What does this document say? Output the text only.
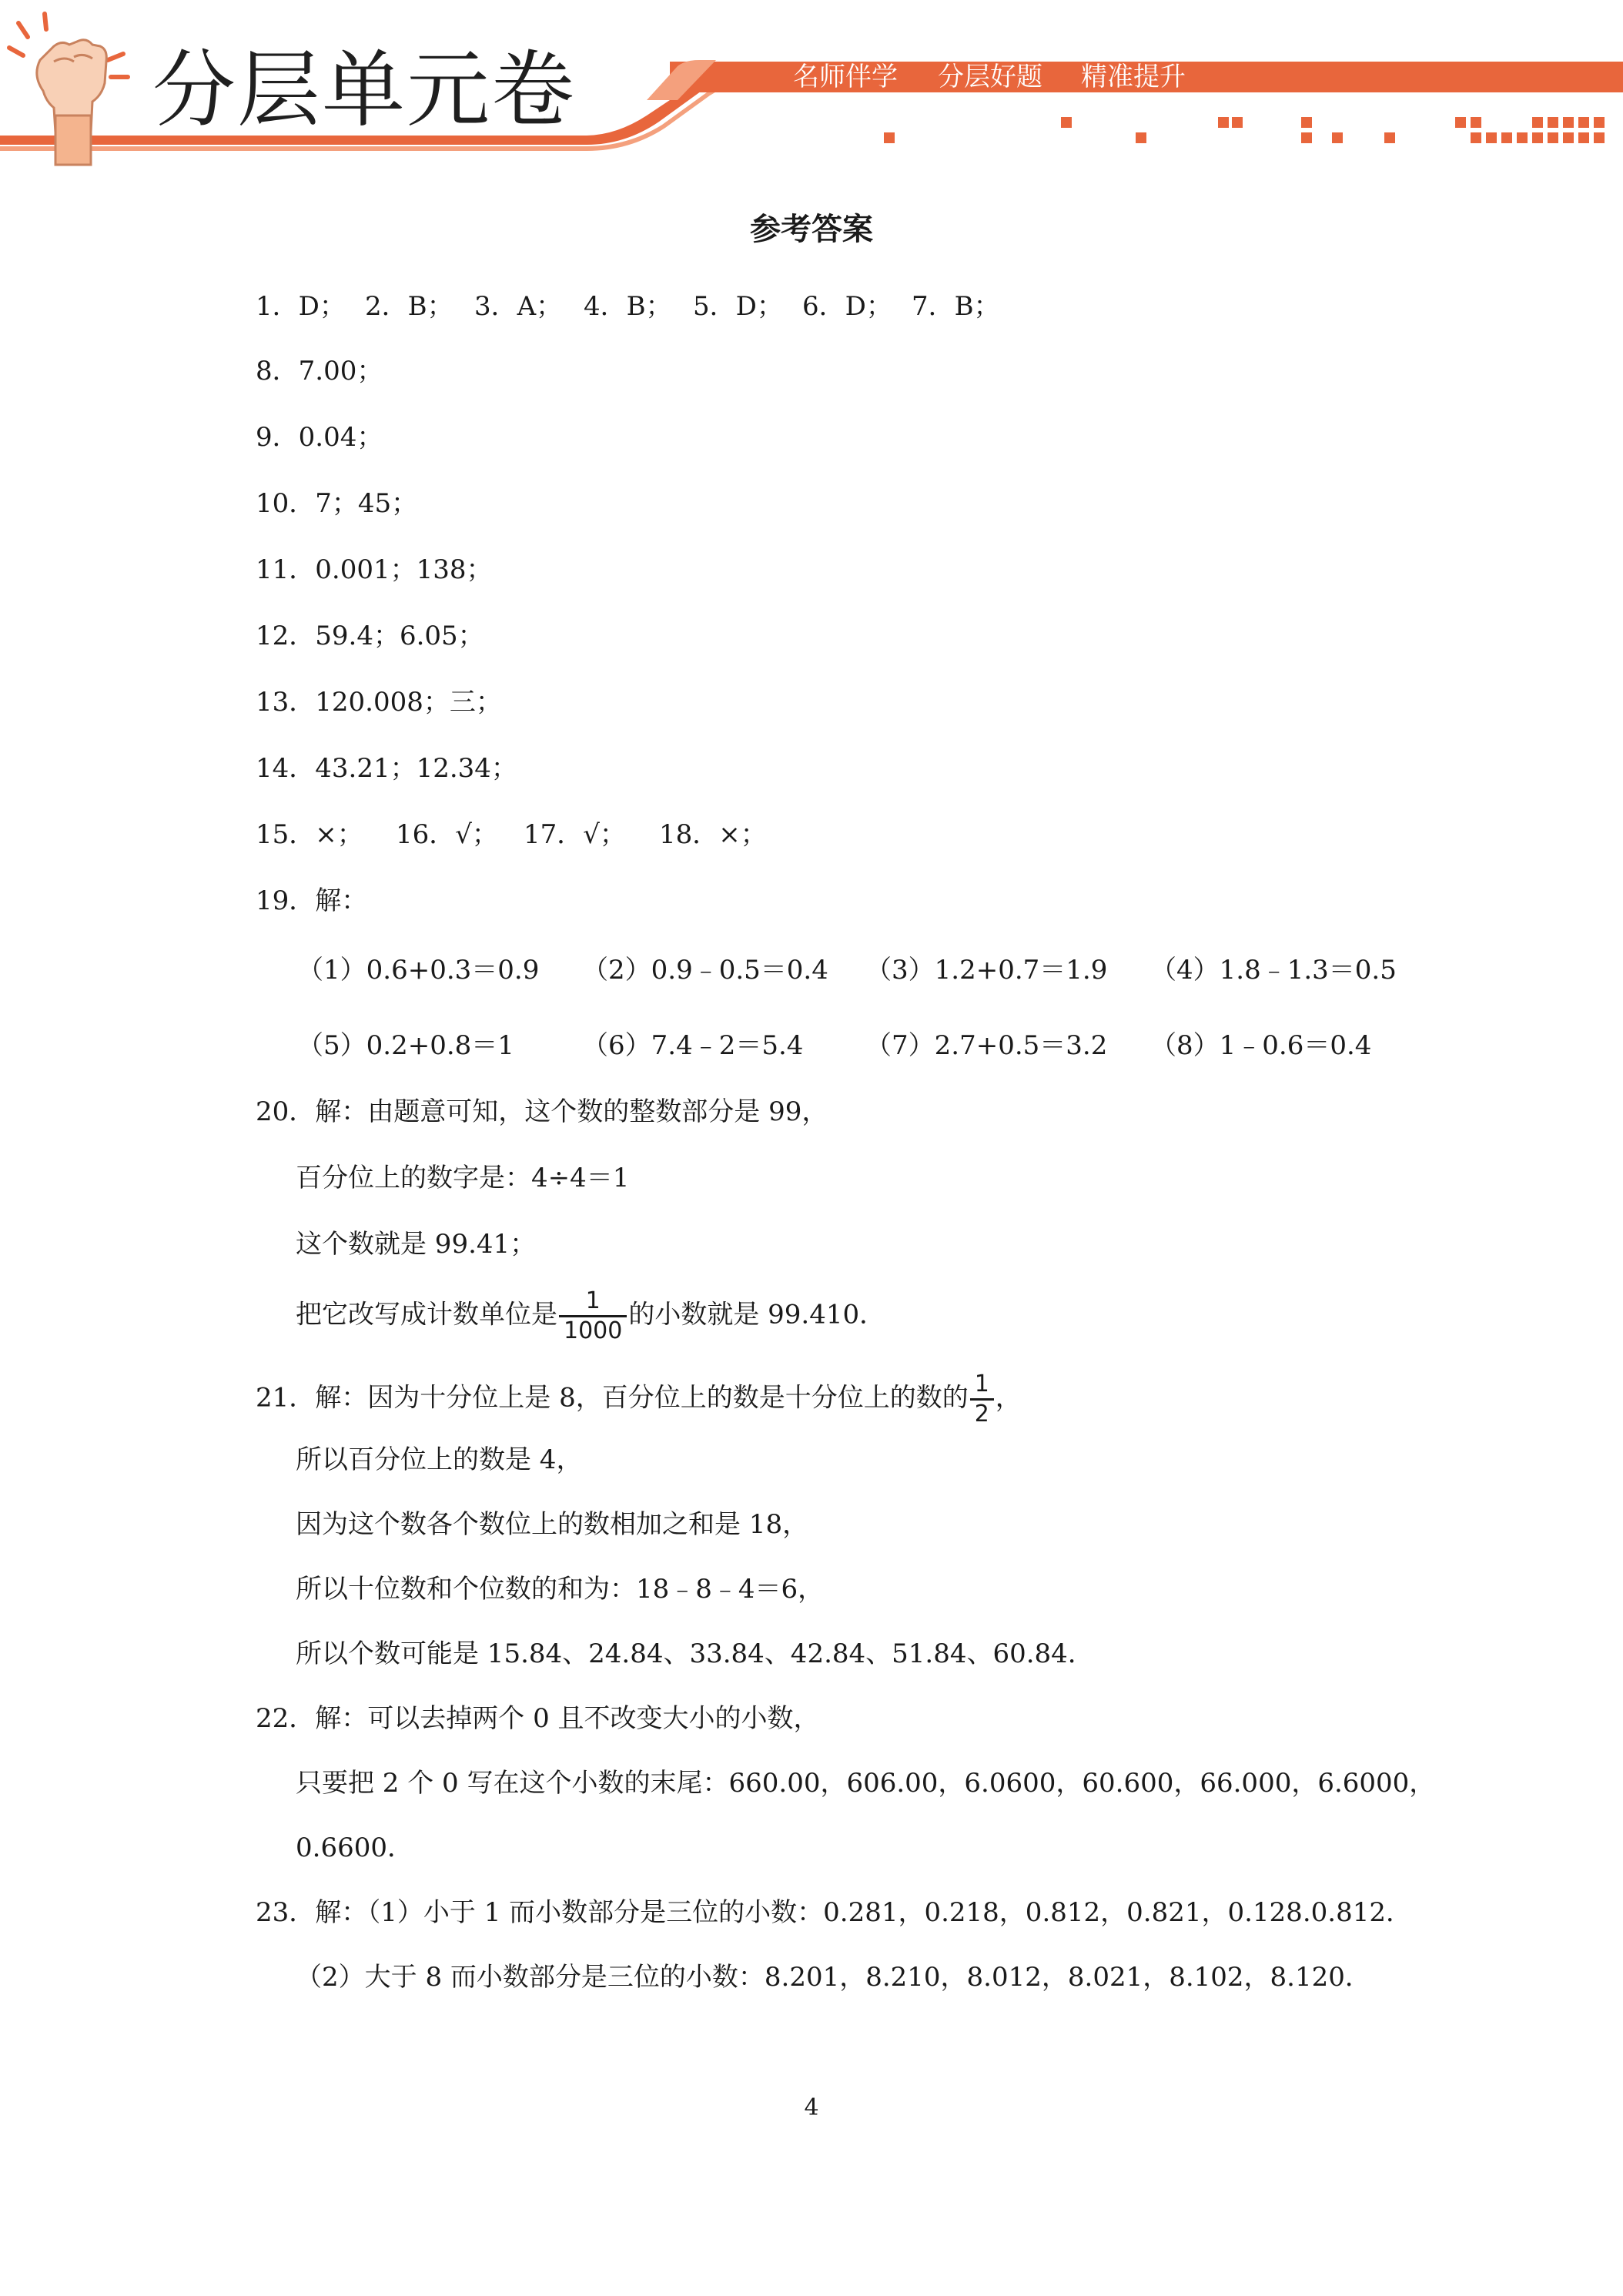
分层单元卷	名师伴学 分层好题 精准提升
参考答案
1．D； 2．B； 3．A； 4．B； 5．D； 6．D； 7．B；
8．7.00；
9．0.04；
10．7；45；
11．0.001；138；
12．59.4；6.05；
13．120.008；三；
14．43.21；12.34；
15．×； 16．√； 17．√； 18．×；
19．解：
（1）0.6+0.3＝0.9 （2）0.9﹣0.5＝0.4 （3）1.2+0.7＝1.9 （4）1.8﹣1.3＝0.5
（5）0.2+0.8＝1	（6）7.4﹣2＝5.4 （7）2.7+0.5＝3.2 （8）1﹣0.6＝0.4
20．解：由题意可知，这个数的整数部分是 99，
百分位上的数字是：4÷4＝1
这个数就是 99.41；
把它改写成计数单位是 $\frac{1}{1000}$ 的小数就是 99.410．
21．解：因为十分位上是 8，百分位上的数是十分位上的数的 $\frac{1}{2}$ ，
所以百分位上的数是 4，
因为这个数各个数位上的数相加之和是 18，
所以十位数和个位数的和为：18﹣8﹣4＝6，
所以个数可能是 15.84、24.84、33.84、42.84、51.84、60.84．
22．解：可以去掉两个 0 且不改变大小的小数，
只要把 2 个 0 写在这个小数的末尾：660.00，606.00，6.0600，60.600，66.000，6.6000，
0.6600．
23．解：（1）小于 1 而小数部分是三位的小数：0.281，0.218，0.812，0.821，0.128.0.812．
（2）大于 8 而小数部分是三位的小数：8.201，8.210，8.012，8.021，8.102，8.120．
4
